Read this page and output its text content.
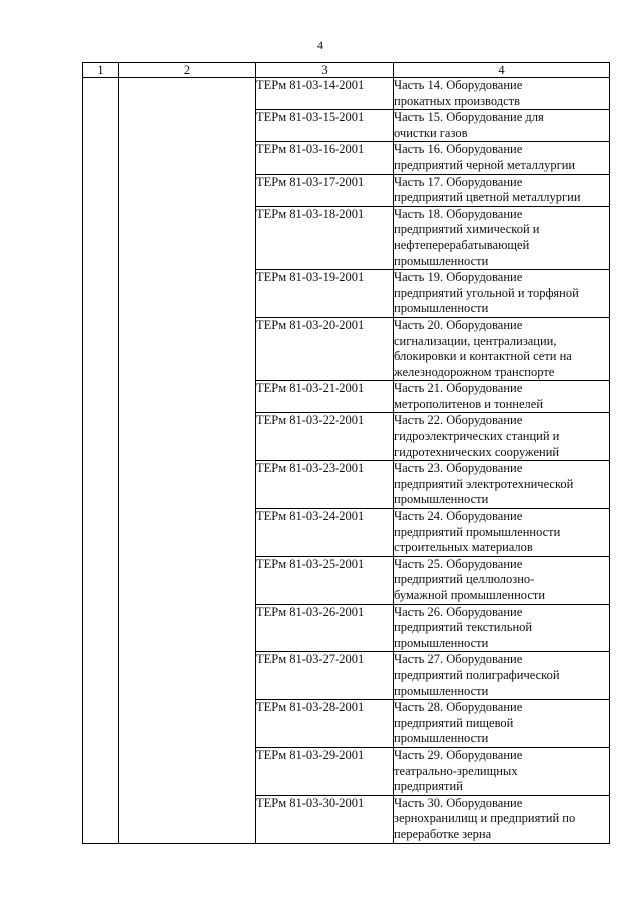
4
1	2	3	4
		ТЕРм 81-03-14-2001	Часть 14. Оборудование
прокатных производств

		ТЕРм 81-03-15-2001	Часть 15. Оборудование для
очистки газов

		ТЕРм 81-03-16-2001	Часть 16. Оборудование
предприятий черной металлургии

		ТЕРм 81-03-17-2001	Часть 17. Оборудование
предприятий цветной металлургии

		ТЕРм 81-03-18-2001	Часть 18. Оборудование
предприятий химической и
нефтеперерабатывающей
промышленности

		ТЕРм 81-03-19-2001	Часть 19. Оборудование
предприятий угольной и торфяной
промышленности

		ТЕРм 81-03-20-2001	Часть 20. Оборудование
сигнализации, централизации,
блокировки и контактной сети на
железнодорожном транспорте

		ТЕРм 81-03-21-2001	Часть 21. Оборудование
метрополитенов и тоннелей

		ТЕРм 81-03-22-2001	Часть 22. Оборудование
гидроэлектрических станций и
гидротехнических сооружений

		ТЕРм 81-03-23-2001	Часть 23. Оборудование
предприятий электротехнической
промышленности

		ТЕРм 81-03-24-2001	Часть 24. Оборудование
предприятий промышленности
строительных материалов

		ТЕРм 81-03-25-2001	Часть 25. Оборудование
предприятий целлюлозно-
бумажной промышленности

		ТЕРм 81-03-26-2001	Часть 26. Оборудование
предприятий текстильной
промышленности

		ТЕРм 81-03-27-2001	Часть 27. Оборудование
предприятий полиграфической
промышленности

		ТЕРм 81-03-28-2001	Часть 28. Оборудование
предприятий пищевой
промышленности

		ТЕРм 81-03-29-2001	Часть 29. Оборудование
театрально-зрелищных
предприятий

		ТЕРм 81-03-30-2001	Часть 30. Оборудование
зернохранилищ и предприятий по
переработке зерна
